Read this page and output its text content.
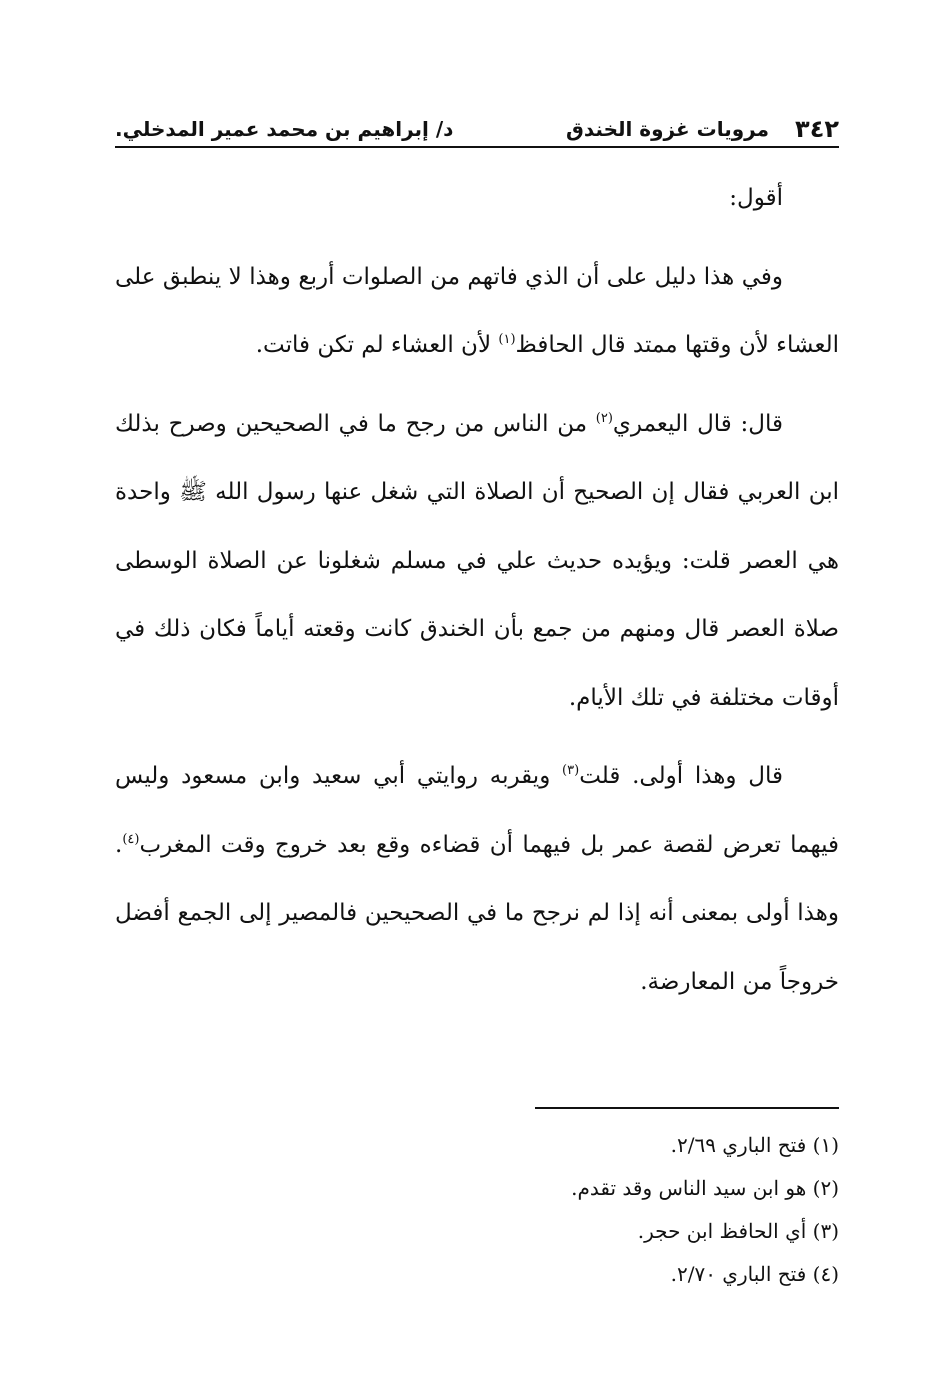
٣٤٢
مرويات غزوة الخندق
د/ إبراهيم بن محمد عمير المدخلي.

أقول:

وفي هذا دليل على أن الذي فاتهم من الصلوات أربع وهذا لا ينطبق على العشاء لأن وقتها ممتد قال الحافظ$^{(١)}$ لأن العشاء لم تكن فاتت.

قال: قال اليعمري$^{(٢)}$ من الناس من رجح ما في الصحيحين وصرح بذلك ابن العربي فقال إن الصحيح أن الصلاة التي شغل عنها رسول الله ﷺ واحدة هي العصر قلت: ويؤيده حديث علي في مسلم شغلونا عن الصلاة الوسطى صلاة العصر قال ومنهم من جمع بأن الخندق كانت وقعته أياماً فكان ذلك في أوقات مختلفة في تلك الأيام.

قال وهذا أولى. قلت$^{(٣)}$ ويقربه روايتي أبي سعيد وابن مسعود وليس فيهما تعرض لقصة عمر بل فيهما أن قضاءه وقع بعد خروج وقت المغرب$^{(٤)}$. وهذا أولى بمعنى أنه إذا لم نرجح ما في الصحيحين فالمصير إلى الجمع أفضل خروجاً من المعارضة.

(١) فتح الباري ٢/٦٩.

(٢) هو ابن سيد الناس وقد تقدم.

(٣) أي الحافظ ابن حجر.

(٤) فتح الباري ٢/٧٠.
